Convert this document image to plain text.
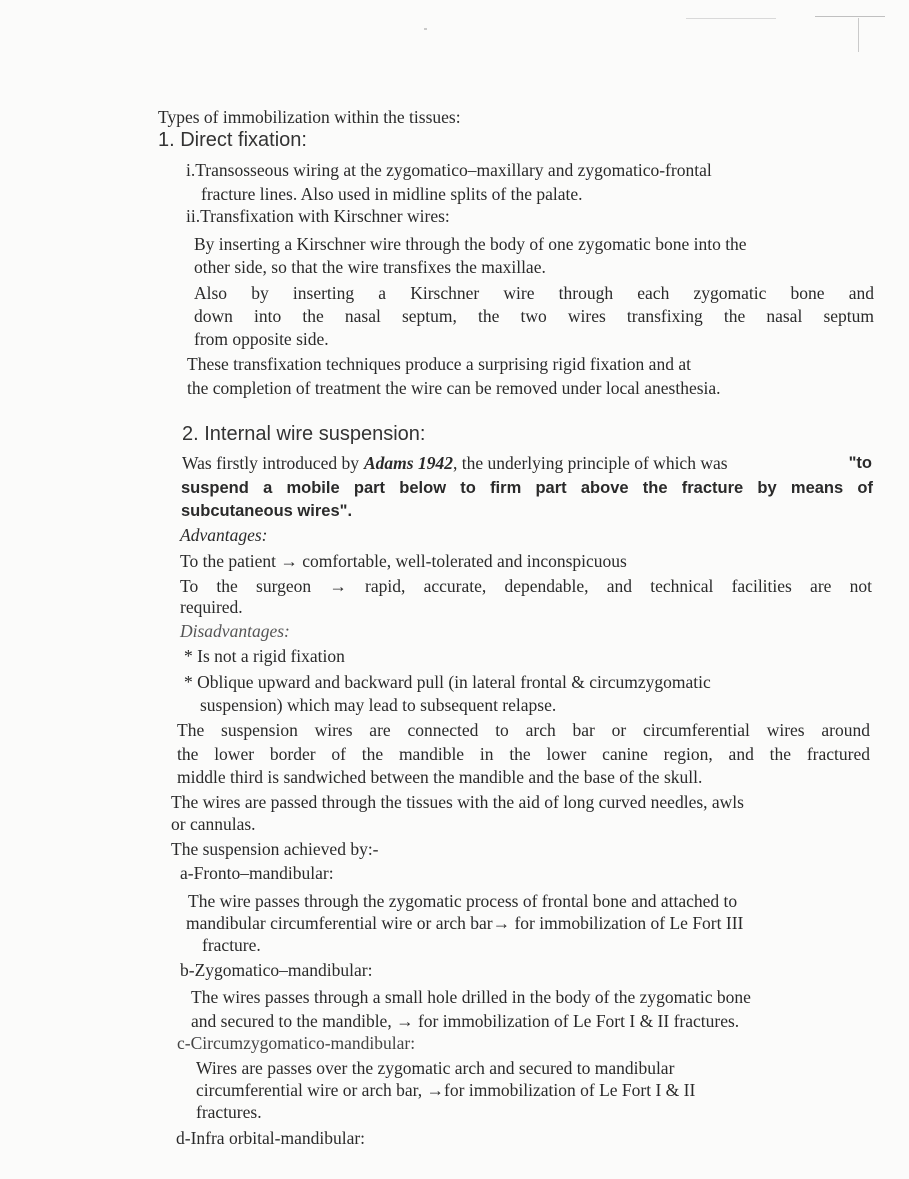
Types of immobilization within the tissues:
1. Direct fixation:
i.Transosseous wiring at the zygomatico–maxillary and zygomatico-frontal
fracture lines. Also used in midline splits of the palate.
ii.Transfixation with Kirschner wires:
By inserting a Kirschner wire through the body of one zygomatic bone into the
other side, so that the wire transfixes the maxillae.
Also by inserting a Kirschner wire through each zygomatic bone and
down into the nasal septum, the two wires transfixing the nasal septum
from opposite side.
These transfixation techniques produce a surprising rigid fixation and at
the completion of treatment the wire can be removed under local anesthesia.
2. Internal wire suspension:
Was firstly introduced by Adams 1942 , the underlying principle of which was	"to
suspend a mobile part below to firm part above the fracture by means of
subcutaneous wires".
Advantages:
To the patient → comfortable, well-tolerated and inconspicuous
To the surgeon → rapid, accurate, dependable, and technical facilities are not
required.
Disadvantages:
* Is not a rigid fixation
* Oblique upward and backward pull (in lateral frontal & circumzygomatic
suspension) which may lead to subsequent relapse.
The suspension wires are connected to arch bar or circumferential wires around
the lower border of the mandible in the lower canine region, and the fractured
middle third is sandwiched between the mandible and the base of the skull.
The wires are passed through the tissues with the aid of long curved needles, awls
or cannulas.
The suspension achieved by:-
a-Fronto–mandibular:
The wire passes through the zygomatic process of frontal bone and attached to
mandibular circumferential wire or arch bar→ for immobilization of Le Fort III
fracture.
b-Zygomatico–mandibular:
The wires passes through a small hole drilled in the body of the zygomatic bone
and secured to the mandible, → for immobilization of Le Fort I & II fractures.
c-Circumzygomatico-mandibular:
Wires are passes over the zygomatic arch and secured to mandibular
circumferential wire or arch bar, →for immobilization of Le Fort I & II
fractures.
d-Infra orbital-mandibular:
